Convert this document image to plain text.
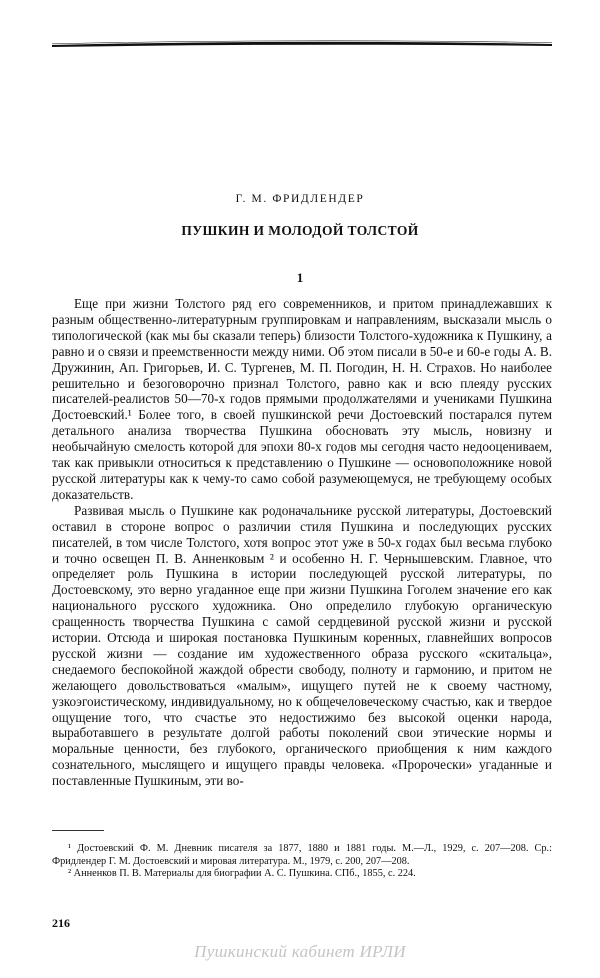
Г. М. ФРИДЛЕНДЕР
ПУШКИН И МОЛОДОЙ ТОЛСТОЙ
1

Еще при жизни Толстого ряд его современников, и притом принадлежавших к разным общественно-литературным группировкам и направлениям, высказали мысль о типологической (как мы бы сказали теперь) близости Толстого-художника к Пушкину, а равно и о связи и преемственности между ними. Об этом писали в 50-е и 60-е годы А. В. Дружинин, Ап. Григорьев, И. С. Тургенев, М. П. Погодин, Н. Н. Страхов. Но наиболее решительно и безоговорочно признал Толстого, равно как и всю плеяду русских писателей-реалистов 50—70-х годов прямыми продолжателями и учениками Пушкина Достоевский.¹ Более того, в своей пушкинской речи Достоевский постарался путем детального анализа творчества Пушкина обосновать эту мысль, новизну и необычайную смелость которой для эпохи 80-х годов мы сегодня часто недооцениваем, так как привыкли относиться к представлению о Пушкине — основоположнике новой русской литературы как к чему-то само собой разумеющемуся, не требующему особых доказательств.

Развивая мысль о Пушкине как родоначальнике русской литературы, Достоевский оставил в стороне вопрос о различии стиля Пушкина и последующих русских писателей, в том числе Толстого, хотя вопрос этот уже в 50-х годах был весьма глубоко и точно освещен П. В. Анненковым ² и особенно Н. Г. Чернышевским. Главное, что определяет роль Пушкина в истории последующей русской литературы, по Достоевскому, это верно угаданное еще при жизни Пушкина Гоголем значение его как национального русского художника. Оно определило глубокую органическую сращенность творчества Пушкина с самой сердцевиной русской жизни и русской истории. Отсюда и широкая постановка Пушкиным коренных, главнейших вопросов русской жизни — создание им художественного образа русского «скитальца», снедаемого беспокойной жаждой обрести свободу, полноту и гармонию, и притом не желающего довольствоваться «малым», ищущего путей не к своему частному, узкоэгоистическому, индивидуальному, но к общечеловеческому счастью, как и твердое ощущение того, что счастье это недостижимо без высокой оценки народа, выработавшего в результате долгой работы поколений свои этические нормы и моральные ценности, без глубокого, органического приобщения к ним каждого сознательного, мыслящего и ищущего правды человека. «Пророчески» угаданные и поставленные Пушкиным, эти во-

¹ Достоевский Ф. М. Дневник писателя за 1877, 1880 и 1881 годы. М.—Л., 1929, с. 207—208. Ср.: Фридлендер Г. М. Достоевский и мировая литература. М., 1979, с. 200, 207—208.

² Анненков П. В. Материалы для биографии А. С. Пушкина. СПб., 1855, с. 224.

216
Пушкинский кабинет ИРЛИ
